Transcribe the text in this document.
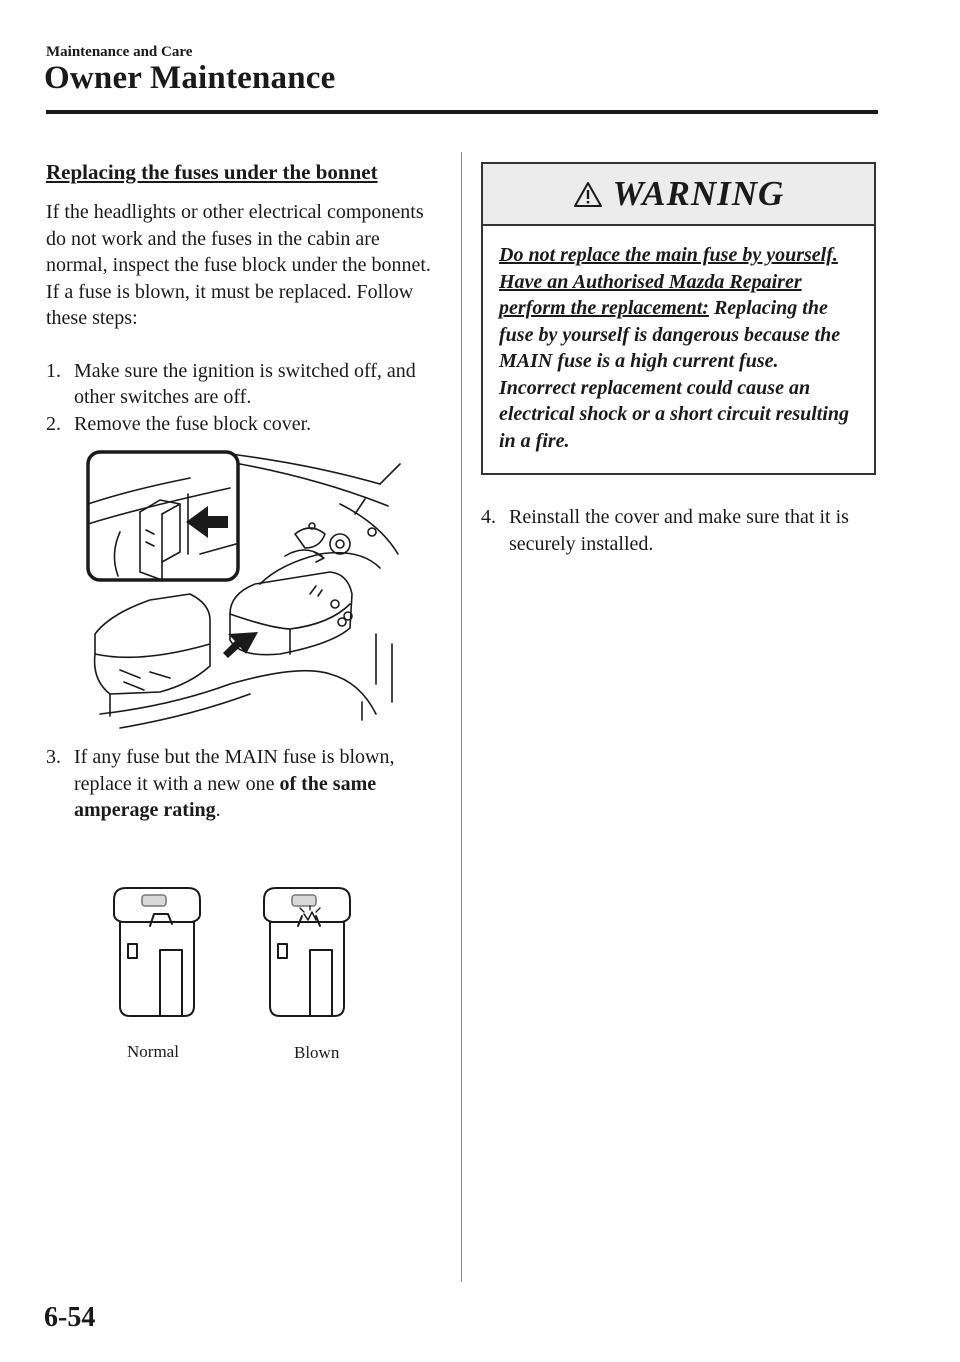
Maintenance and Care
Owner Maintenance
Replacing the fuses under the bonnet

If the headlights or other electrical components do not work and the fuses in the cabin are normal, inspect the fuse block under the bonnet. If a fuse is blown, it must be replaced. Follow these steps:

1. Make sure the ignition is switched off, and other switches are off.
2. Remove the fuse block cover.
3. If any fuse but the MAIN fuse is blown, replace it with a new one of the same amperage rating.
Normal	Blown
WARNING
Do not replace the main fuse by yourself. Have an Authorised Mazda Repairer perform the replacement: Replacing the fuse by yourself is dangerous because the MAIN fuse is a high current fuse. Incorrect replacement could cause an electrical shock or a short circuit resulting in a fire.
4. Reinstall the cover and make sure that it is securely installed.
6-54
